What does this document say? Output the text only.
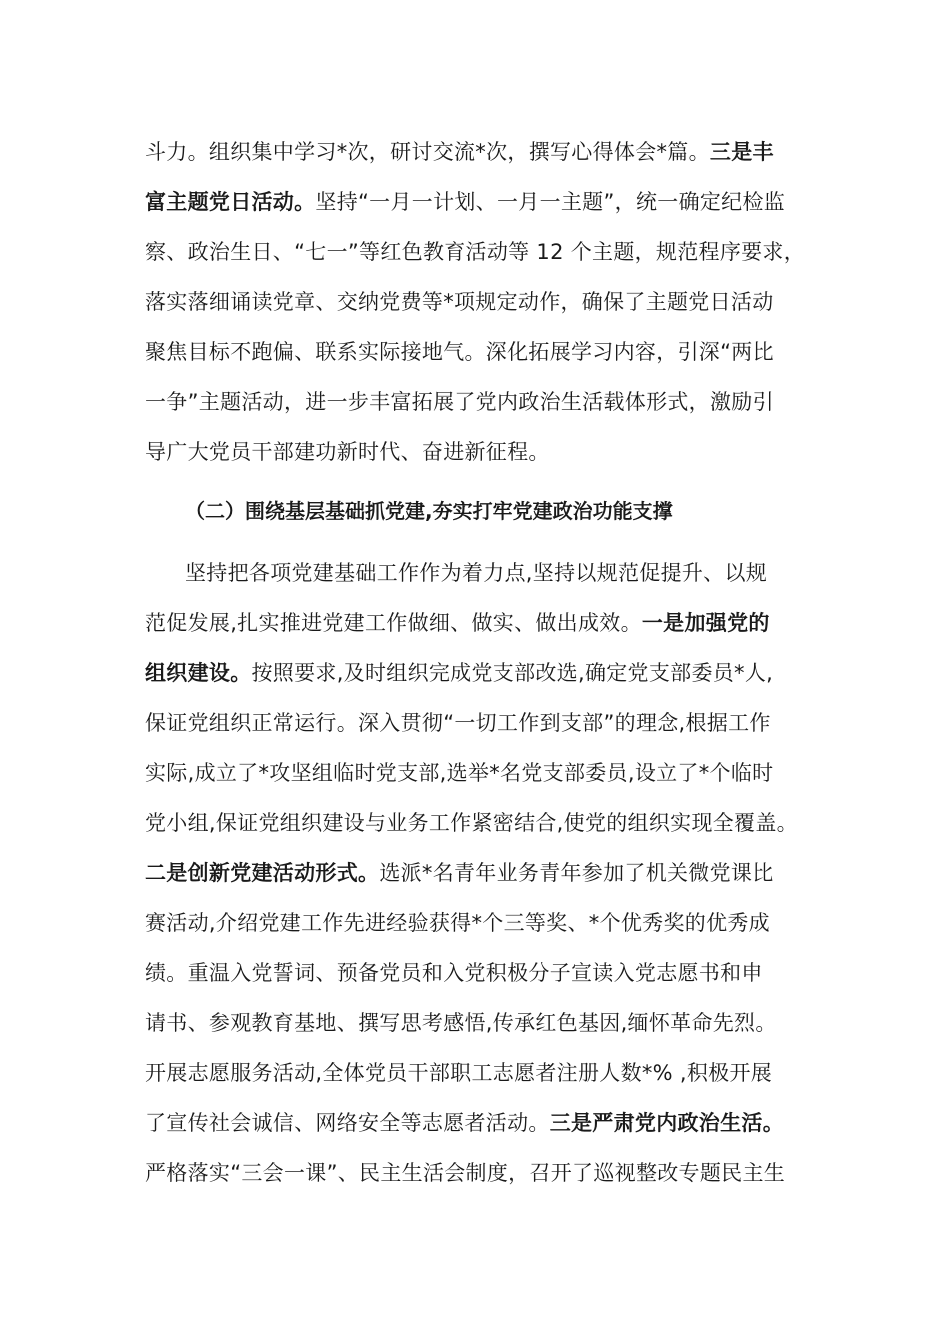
斗力。组织集中学习*次，研讨交流*次，撰写心得体会*篇。三是丰
富主题党日活动。坚持“一月一计划、一月一主题”，统一确定纪检监
察、政治生日、“七一”等红色教育活动等 12 个主题，规范程序要求，
落实落细诵读党章、交纳党费等*项规定动作，确保了主题党日活动
聚焦目标不跑偏、联系实际接地气。深化拓展学习内容，引深“两比
一争”主题活动，进一步丰富拓展了党内政治生活载体形式，激励引
导广大党员干部建功新时代、奋进新征程。
（二）围绕基层基础抓党建,夯实打牢党建政治功能支撑
坚持把各项党建基础工作作为着力点,坚持以规范促提升、以规
范促发展,扎实推进党建工作做细、做实、做出成效。一是加强党的
组织建设。按照要求,及时组织完成党支部改选,确定党支部委员*人,
保证党组织正常运行。深入贯彻“一切工作到支部”的理念,根据工作
实际,成立了*攻坚组临时党支部,选举*名党支部委员,设立了*个临时
党小组,保证党组织建设与业务工作紧密结合,使党的组织实现全覆盖。
二是创新党建活动形式。选派*名青年业务青年参加了机关微党课比
赛活动,介绍党建工作先进经验获得*个三等奖、*个优秀奖的优秀成
绩。重温入党誓词、预备党员和入党积极分子宣读入党志愿书和申
请书、参观教育基地、撰写思考感悟,传承红色基因,缅怀革命先烈。
开展志愿服务活动,全体党员干部职工志愿者注册人数*% ,积极开展
了宣传社会诚信、网络安全等志愿者活动。三是严肃党内政治生活。
严格落实“三会一课”、民主生活会制度，召开了巡视整改专题民主生
